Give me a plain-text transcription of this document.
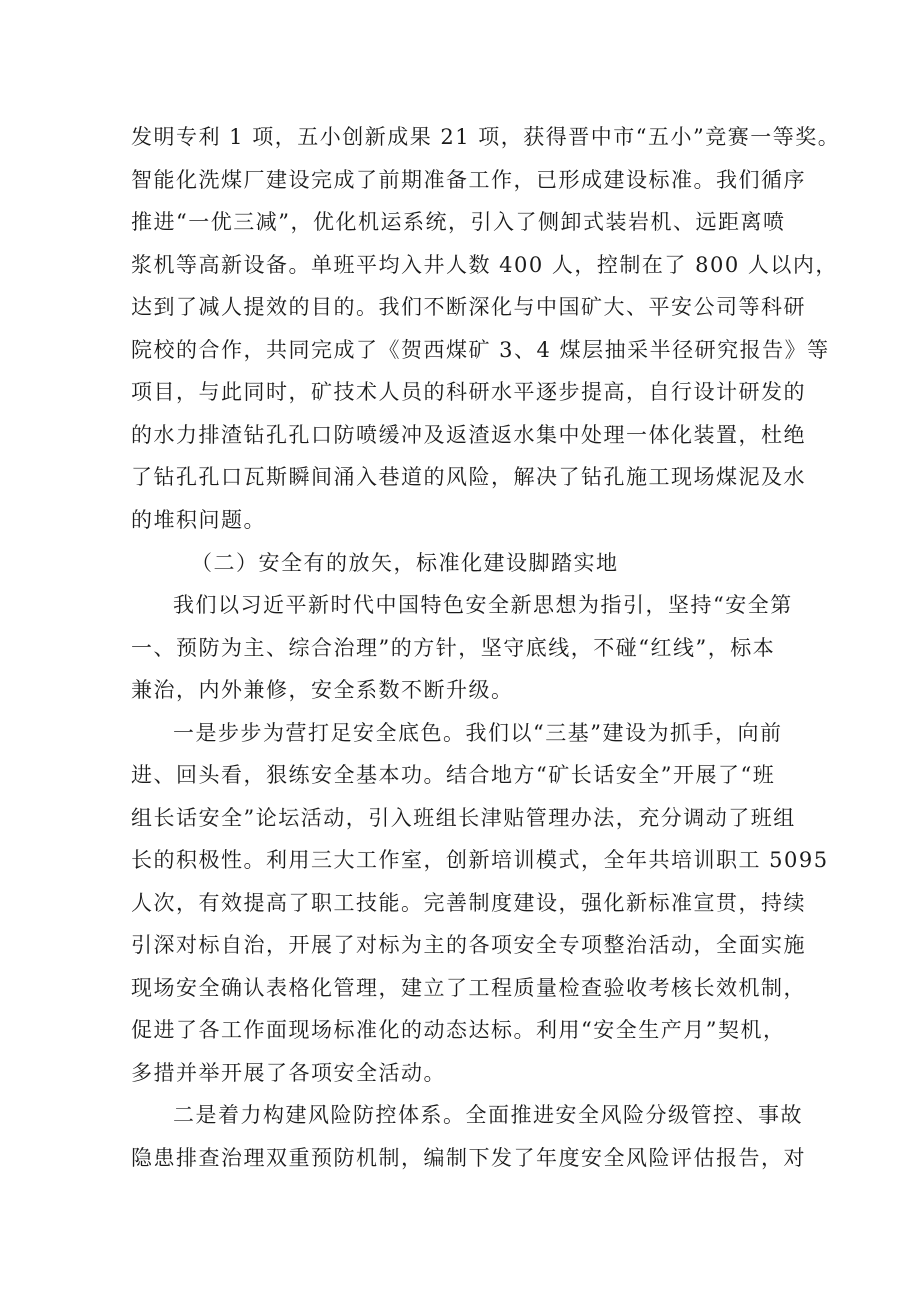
发明专利 1 项，五小创新成果 21 项，获得晋中市“五小”竞赛一等奖。
智能化洗煤厂建设完成了前期准备工作，已形成建设标准。我们循序
推进“一优三减”，优化机运系统，引入了侧卸式装岩机、远距离喷
浆机等高新设备。单班平均入井人数 400 人，控制在了 800 人以内，
达到了减人提效的目的。我们不断深化与中国矿大、平安公司等科研
院校的合作，共同完成了《贺西煤矿 3、4 煤层抽采半径研究报告》等
项目，与此同时，矿技术人员的科研水平逐步提高，自行设计研发的
的水力排渣钻孔孔口防喷缓冲及返渣返水集中处理一体化装置，杜绝
了钻孔孔口瓦斯瞬间涌入巷道的风险，解决了钻孔施工现场煤泥及水
的堆积问题。
（二）安全有的放矢，标准化建设脚踏实地
我们以习近平新时代中国特色安全新思想为指引，坚持“安全第
一、预防为主、综合治理”的方针，坚守底线，不碰“红线”，标本
兼治，内外兼修，安全系数不断升级。
一是步步为营打足安全底色。我们以“三基”建设为抓手，向前
进、回头看，狠练安全基本功。结合地方“矿长话安全”开展了“班
组长话安全”论坛活动，引入班组长津贴管理办法，充分调动了班组
长的积极性。利用三大工作室，创新培训模式，全年共培训职工 5095
人次，有效提高了职工技能。完善制度建设，强化新标准宣贯，持续
引深对标自治，开展了对标为主的各项安全专项整治活动，全面实施
现场安全确认表格化管理，建立了工程质量检查验收考核长效机制，
促进了各工作面现场标准化的动态达标。利用“安全生产月”契机，
多措并举开展了各项安全活动。
二是着力构建风险防控体系。全面推进安全风险分级管控、事故
隐患排查治理双重预防机制，编制下发了年度安全风险评估报告，对
